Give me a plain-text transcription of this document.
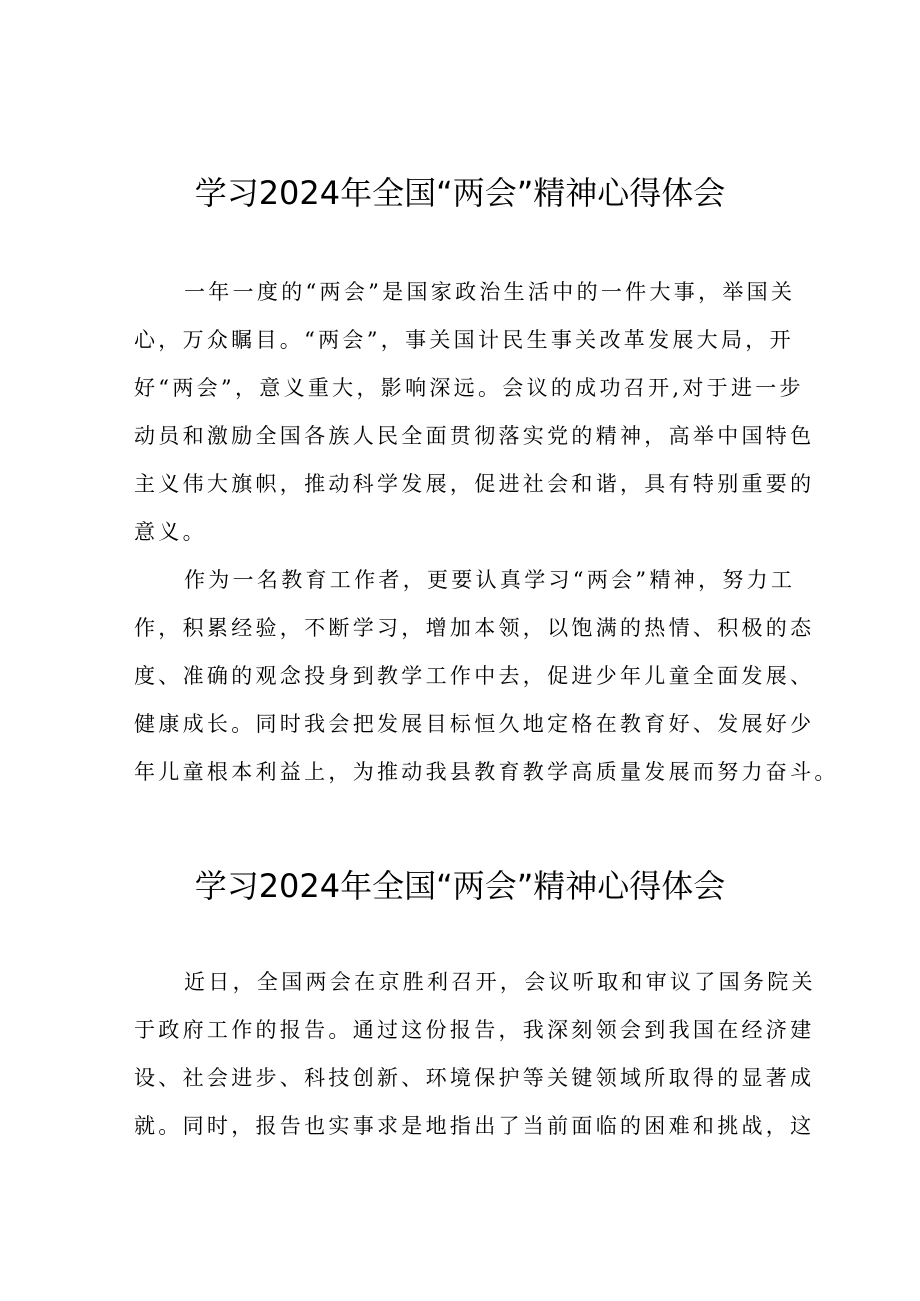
学习2024年全国“两会”精神心得体会
一年一度的“两会”是国家政治生活中的一件大事，举国关
心，万众瞩目。“两会”，事关国计民生事关改革发展大局，开
好“两会”，意义重大，影响深远。会议的成功召开,对于进一步
动员和激励全国各族人民全面贯彻落实党的精神，高举中国特色
主义伟大旗帜，推动科学发展，促进社会和谐，具有特别重要的
意义。
作为一名教育工作者，更要认真学习“两会”精神，努力工
作，积累经验，不断学习，增加本领，以饱满的热情、积极的态
度、准确的观念投身到教学工作中去，促进少年儿童全面发展、
健康成长。同时我会把发展目标恒久地定格在教育好、发展好少
年儿童根本利益上，为推动我县教育教学高质量发展而努力奋斗。
学习2024年全国“两会”精神心得体会
近日，全国两会在京胜利召开，会议听取和审议了国务院关
于政府工作的报告。通过这份报告，我深刻领会到我国在经济建
设、社会进步、科技创新、环境保护等关键领域所取得的显著成
就。同时，报告也实事求是地指出了当前面临的困难和挑战，这
